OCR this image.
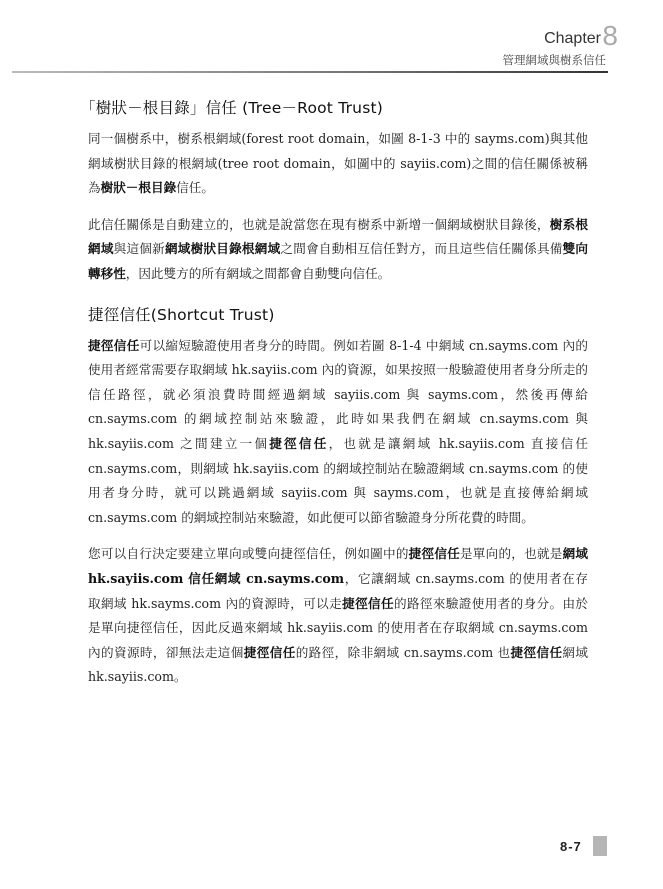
Chapter 8
管理網域與樹系信任
「樹狀－根目錄」信任 (Tree－Root Trust)

同一個樹系中，樹系根網域(forest root domain，如圖 8-1-3 中的 sayms.com)與其他網域樹狀目錄的根網域(tree root domain，如圖中的 sayiis.com)之間的信任關係被稱為樹狀－根目錄信任。

此信任關係是自動建立的，也就是說當您在現有樹系中新增一個網域樹狀目錄後，樹系根網域與這個新網域樹狀目錄根網域之間會自動相互信任對方，而且這些信任關係具備雙向轉移性，因此雙方的所有網域之間都會自動雙向信任。

捷徑信任(Shortcut Trust)

捷徑信任可以縮短驗證使用者身分的時間。例如若圖 8-1-4 中網域 cn.sayms.com 內的使用者經常需要存取網域 hk.sayiis.com 內的資源，如果按照一般驗證使用者身分所走的信任路徑，就必須浪費時間經過網域 sayiis.com 與 sayms.com，然後再傳給 cn.sayms.com 的網域控制站來驗證，此時如果我們在網域 cn.sayms.com 與 hk.sayiis.com 之間建立一個捷徑信任，也就是讓網域 hk.sayiis.com 直接信任 cn.sayms.com，則網域 hk.sayiis.com 的網域控制站在驗證網域 cn.sayms.com 的使用者身分時，就可以跳過網域 sayiis.com 與 sayms.com，也就是直接傳給網域 cn.sayms.com 的網域控制站來驗證，如此便可以節省驗證身分所花費的時間。

您可以自行決定要建立單向或雙向捷徑信任，例如圖中的捷徑信任是單向的，也就是網域 hk.sayiis.com 信任網域 cn.sayms.com，它讓網域 cn.sayms.com 的使用者在存取網域 hk.sayms.com 內的資源時，可以走捷徑信任的路徑來驗證使用者的身分。由於是單向捷徑信任，因此反過來網域 hk.sayiis.com 的使用者在存取網域 cn.sayms.com 內的資源時，卻無法走這個捷徑信任的路徑，除非網域 cn.sayms.com 也捷徑信任網域 hk.sayiis.com。

8-7
